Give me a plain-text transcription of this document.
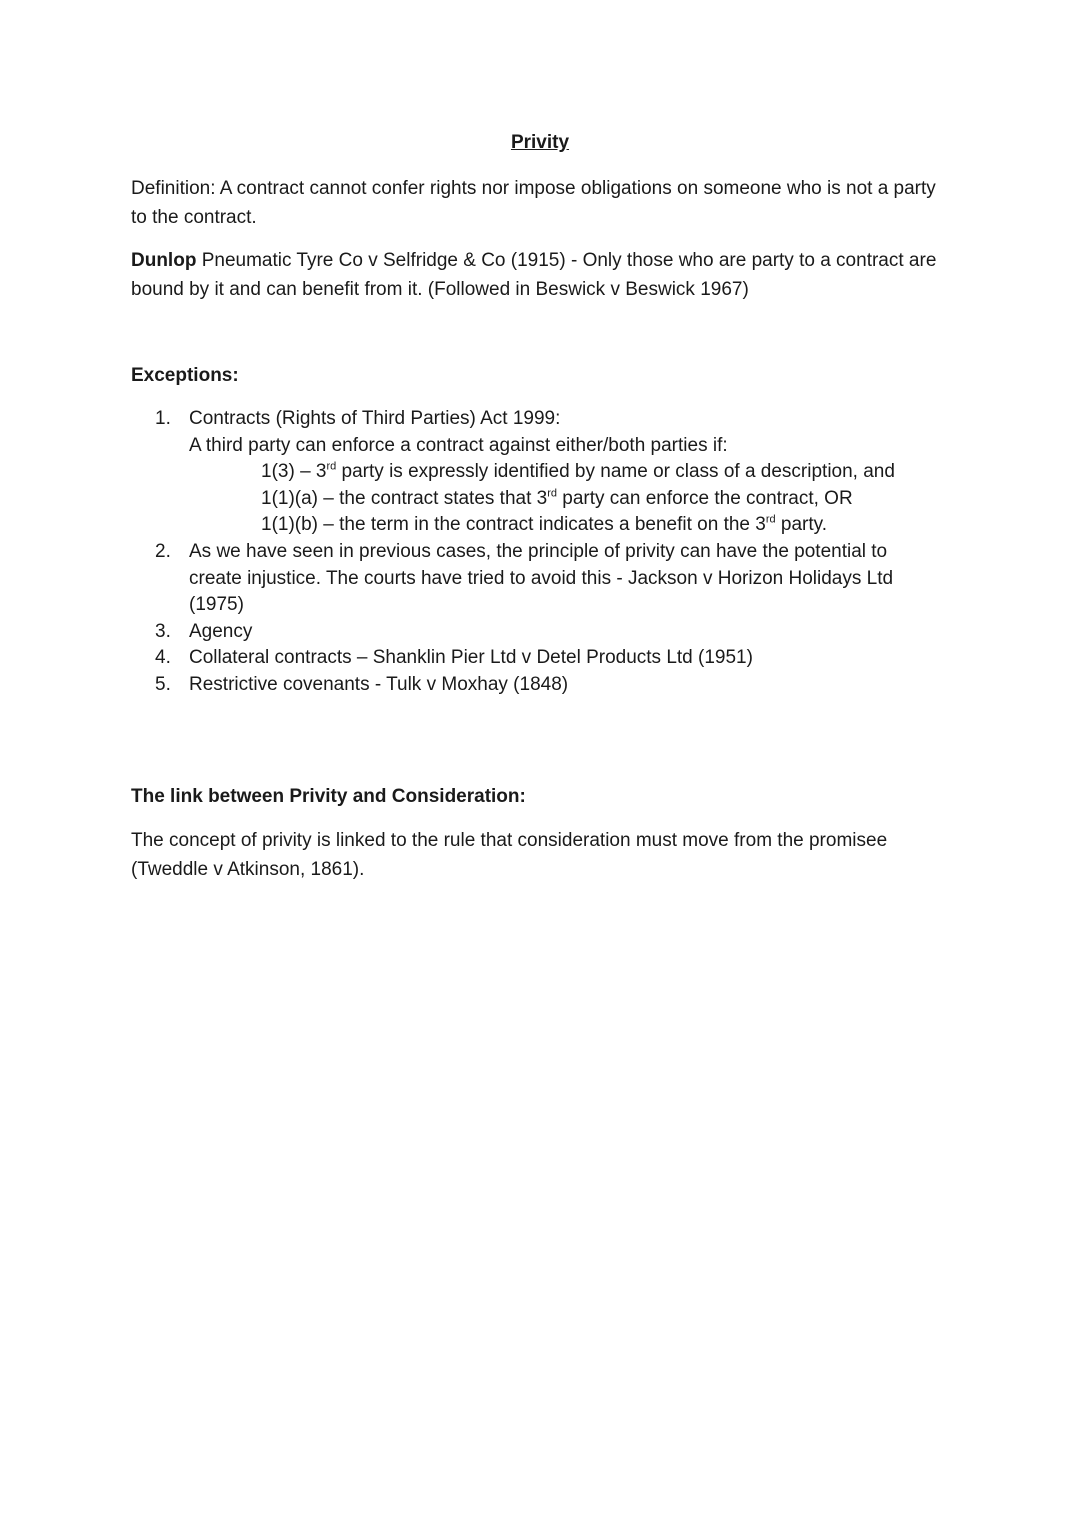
Privity
Definition: A contract cannot confer rights nor impose obligations on someone who is not a party to the contract.
Dunlop Pneumatic Tyre Co v Selfridge & Co (1915) - Only those who are party to a contract are bound by it and can benefit from it. (Followed in Beswick v Beswick 1967)
Exceptions:
1. Contracts (Rights of Third Parties) Act 1999:
A third party can enforce a contract against either/both parties if:
1(3) – 3rd party is expressly identified by name or class of a description, and
1(1)(a) – the contract states that 3rd party can enforce the contract, OR
1(1)(b) – the term in the contract indicates a benefit on the 3rd party.
2. As we have seen in previous cases, the principle of privity can have the potential to create injustice. The courts have tried to avoid this - Jackson v Horizon Holidays Ltd (1975)
3. Agency
4. Collateral contracts – Shanklin Pier Ltd v Detel Products Ltd (1951)
5. Restrictive covenants - Tulk v Moxhay (1848)
The link between Privity and Consideration:
The concept of privity is linked to the rule that consideration must move from the promisee (Tweddle v Atkinson, 1861).
